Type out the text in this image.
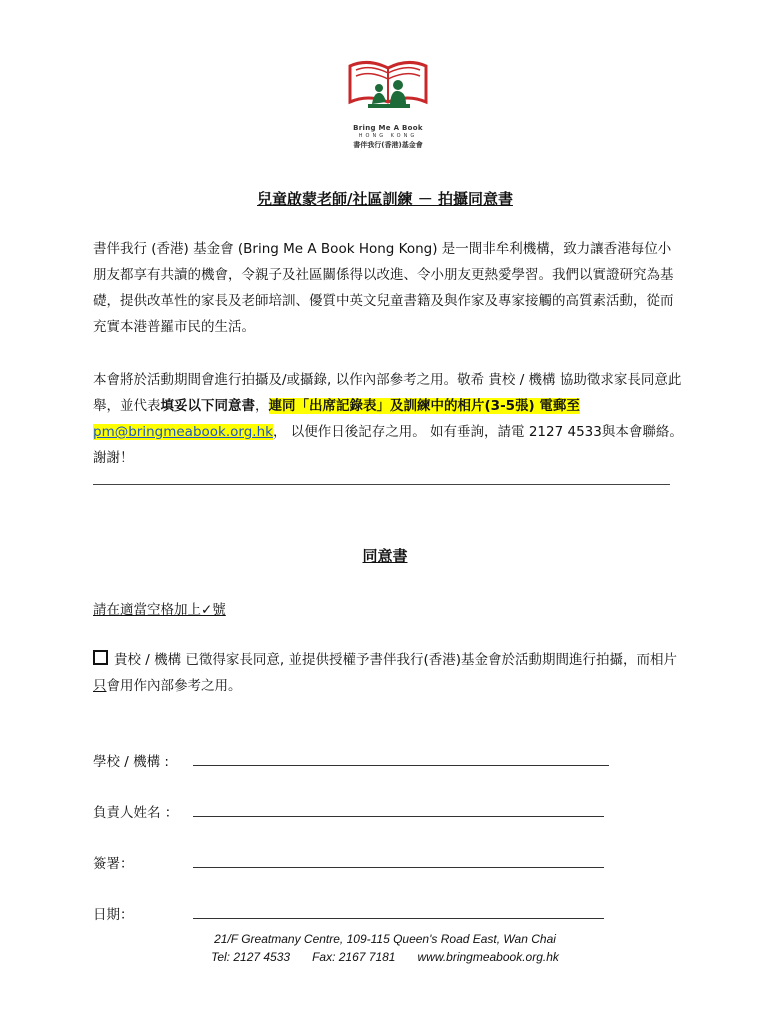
Bring Me A Book
HONG KONG
書伴我行(香港)基金會
兒童啟蒙老師/社區訓練 － 拍攝同意書
書伴我行 (香港) 基金會 (Bring Me A Book Hong Kong) 是一間非牟利機構，致力讓香港每位小朋友都享有共讀的機會，令親子及社區關係得以改進、令小朋友更熱愛學習。我們以實證研究為基礎，提供改革性的家長及老師培訓、優質中英文兒童書籍及與作家及專家接觸的高質素活動，從而充實本港普羅市民的生活。
本會將於活動期間會進行拍攝及/或攝錄, 以作內部參考之用。敬希 貴校 / 機構 協助徵求家長同意此舉，並代表填妥以下同意書，連同「出席記錄表」及訓練中的相片(3-5張) 電郵至 pm@bringmeabook.org.hk， 以便作日後記存之用。 如有垂詢，請電 2127 4533與本會聯絡。謝謝！
同意書
請在適當空格加上✓號
貴校 / 機構 已徵得家長同意, 並提供授權予書伴我行(香港)基金會於活動期間進行拍攝，而相片只會用作內部參考之用。
學校 / 機構 :
負責人姓名 ：
簽署：
日期：
21/F Greatmany Centre, 109-115 Queen's Road East, Wan Chai
Tel: 2127 4533 Fax: 2167 7181 www.bringmeabook.org.hk
